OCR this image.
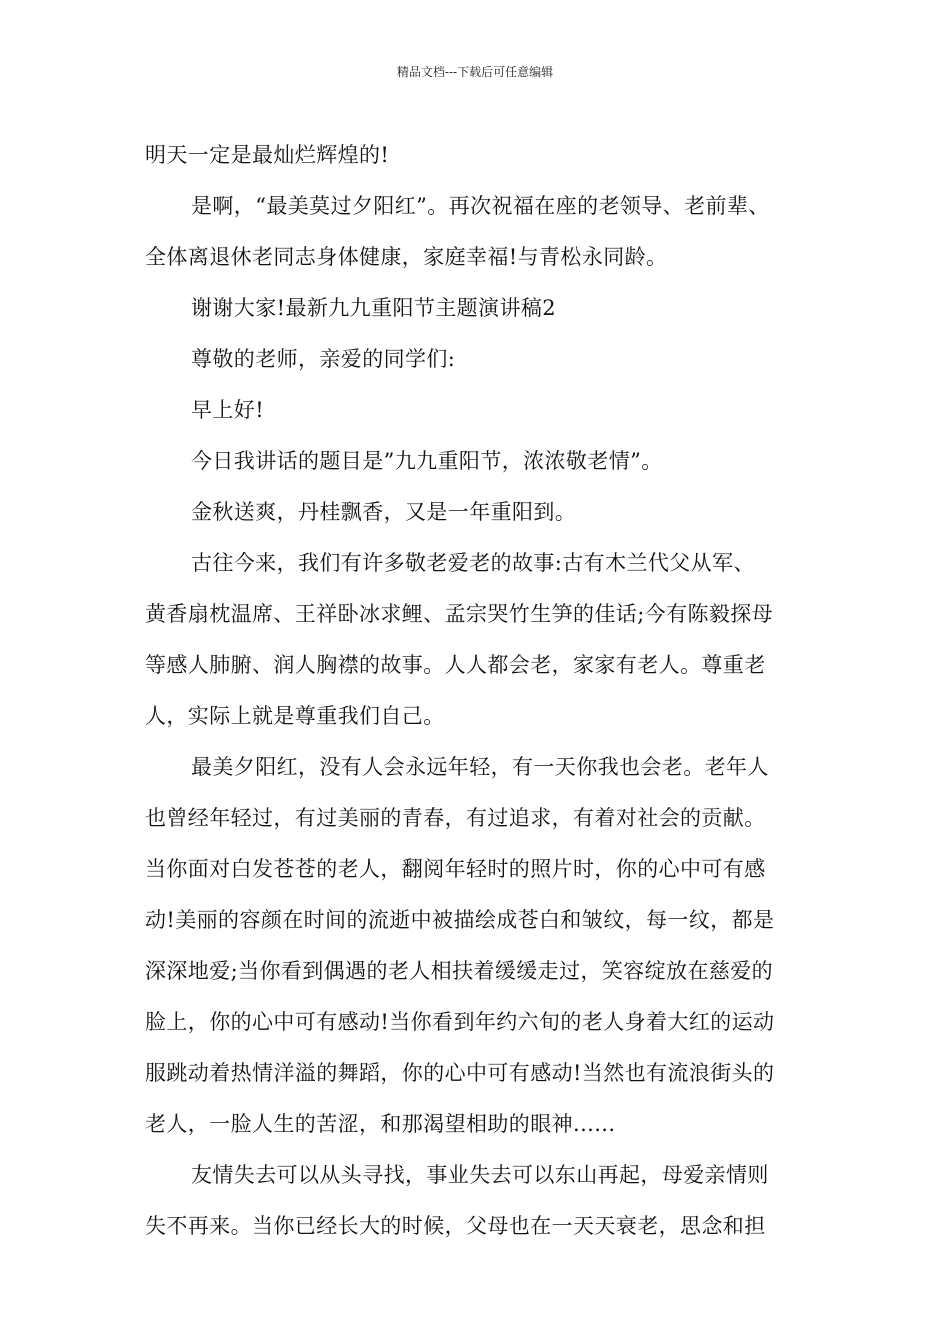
精品文档---下载后可任意编辑
明天一定是最灿烂辉煌的!
是啊，“最美莫过夕阳红”。再次祝福在座的老领导、老前辈、
全体离退休老同志身体健康，家庭幸福!与青松永同龄。
谢谢大家!最新九九重阳节主题演讲稿2
尊敬的老师，亲爱的同学们:
早上好!
今日我讲话的题目是”九九重阳节，浓浓敬老情”。
金秋送爽，丹桂飘香，又是一年重阳到。
古往今来，我们有许多敬老爱老的故事:古有木兰代父从军、
黄香扇枕温席、王祥卧冰求鲤、孟宗哭竹生笋的佳话;今有陈毅探母
等感人肺腑、润人胸襟的故事。人人都会老，家家有老人。尊重老
人，实际上就是尊重我们自己。
最美夕阳红，没有人会永远年轻，有一天你我也会老。老年人
也曾经年轻过，有过美丽的青春，有过追求，有着对社会的贡献。
当你面对白发苍苍的老人，翻阅年轻时的照片时，你的心中可有感
动!美丽的容颜在时间的流逝中被描绘成苍白和皱纹，每一纹，都是
深深地爱;当你看到偶遇的老人相扶着缓缓走过，笑容绽放在慈爱的
脸上，你的心中可有感动!当你看到年约六旬的老人身着大红的运动
服跳动着热情洋溢的舞蹈，你的心中可有感动!当然也有流浪街头的
老人，一脸人生的苦涩，和那渴望相助的眼神......
友情失去可以从头寻找，事业失去可以东山再起，母爱亲情则
失不再来。当你已经长大的时候，父母也在一天天衰老，思念和担
